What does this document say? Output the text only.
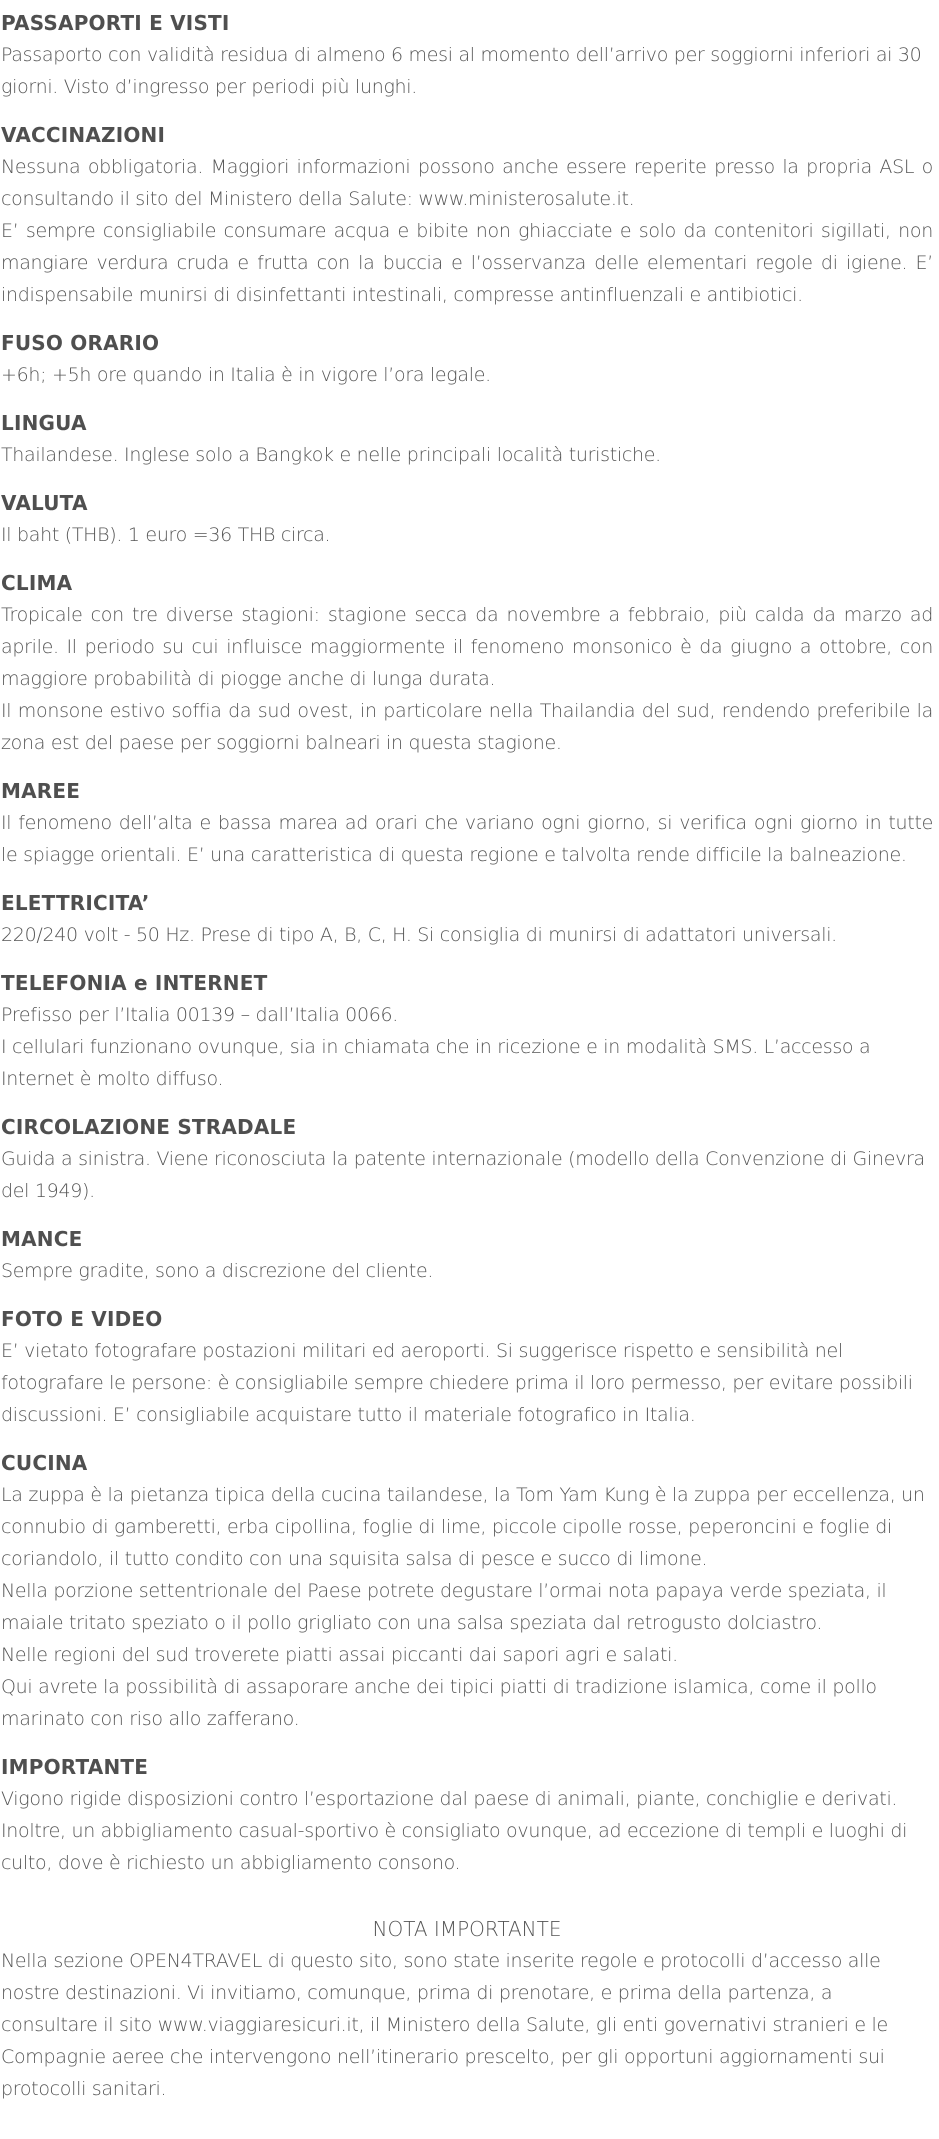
PASSAPORTI E VISTI

Passaporto con validità residua di almeno 6 mesi al momento dell’arrivo per soggiorni inferiori ai 30 giorni. Visto d’ingresso per periodi più lunghi.

VACCINAZIONI

Nessuna obbligatoria. Maggiori informazioni possono anche essere reperite presso la propria ASL o consultando il sito del Ministero della Salute: www.ministerosalute.it.

E’ sempre consigliabile consumare acqua e bibite non ghiacciate e solo da contenitori sigillati, non mangiare verdura cruda e frutta con la buccia e l’osservanza delle elementari regole di igiene. E’ indispensabile munirsi di disinfettanti intestinali, compresse antinfluenzali e antibiotici.

FUSO ORARIO

+6h; +5h ore quando in Italia è in vigore l’ora legale.

LINGUA

Thailandese. Inglese solo a Bangkok e nelle principali località turistiche.

VALUTA

Il baht (THB). 1 euro =36 THB circa.

CLIMA

Tropicale con tre diverse stagioni: stagione secca da novembre a febbraio, più calda da marzo ad aprile. Il periodo su cui influisce maggiormente il fenomeno monsonico è da giugno a ottobre, con maggiore probabilità di piogge anche di lunga durata.

Il monsone estivo soffia da sud ovest, in particolare nella Thailandia del sud, rendendo preferibile la zona est del paese per soggiorni balneari in questa stagione.

MAREE

Il fenomeno dell’alta e bassa marea ad orari che variano ogni giorno, si verifica ogni giorno in tutte le spiagge orientali. E’ una caratteristica di questa regione e talvolta rende difficile la balneazione.

ELETTRICITA’

220/240 volt - 50 Hz. Prese di tipo A, B, C, H. Si consiglia di munirsi di adattatori universali.

TELEFONIA e INTERNET

Prefisso per l’Italia 00139 – dall’Italia 0066.

I cellulari funzionano ovunque, sia in chiamata che in ricezione e in modalità SMS. L’accesso a Internet è molto diffuso.

CIRCOLAZIONE STRADALE

Guida a sinistra. Viene riconosciuta la patente internazionale (modello della Convenzione di Ginevra del 1949).

MANCE

Sempre gradite, sono a discrezione del cliente.

FOTO E VIDEO

E’ vietato fotografare postazioni militari ed aeroporti. Si suggerisce rispetto e sensibilità nel fotografare le persone: è consigliabile sempre chiedere prima il loro permesso, per evitare possibili discussioni. E’ consigliabile acquistare tutto il materiale fotografico in Italia.

CUCINA

La zuppa è la pietanza tipica della cucina tailandese, la Tom Yam Kung è la zuppa per eccellenza, un connubio di gamberetti, erba cipollina, foglie di lime, piccole cipolle rosse, peperoncini e foglie di coriandolo, il tutto condito con una squisita salsa di pesce e succo di limone.

Nella porzione settentrionale del Paese potrete degustare l’ormai nota papaya verde speziata, il maiale tritato speziato o il pollo grigliato con una salsa speziata dal retrogusto dolciastro.

Nelle regioni del sud troverete piatti assai piccanti dai sapori agri e salati.

Qui avrete la possibilità di assaporare anche dei tipici piatti di tradizione islamica, come il pollo marinato con riso allo zafferano.

IMPORTANTE

Vigono rigide disposizioni contro l’esportazione dal paese di animali, piante, conchiglie e derivati. Inoltre, un abbigliamento casual-sportivo è consigliato ovunque, ad eccezione di templi e luoghi di culto, dove è richiesto un abbigliamento consono.

NOTA IMPORTANTE

Nella sezione OPEN4TRAVEL di questo sito, sono state inserite regole e protocolli d’accesso alle nostre destinazioni. Vi invitiamo, comunque, prima di prenotare, e prima della partenza, a consultare il sito www.viaggiaresicuri.it, il Ministero della Salute, gli enti governativi stranieri e le Compagnie aeree che intervengono nell’itinerario prescelto, per gli opportuni aggiornamenti sui protocolli sanitari.
